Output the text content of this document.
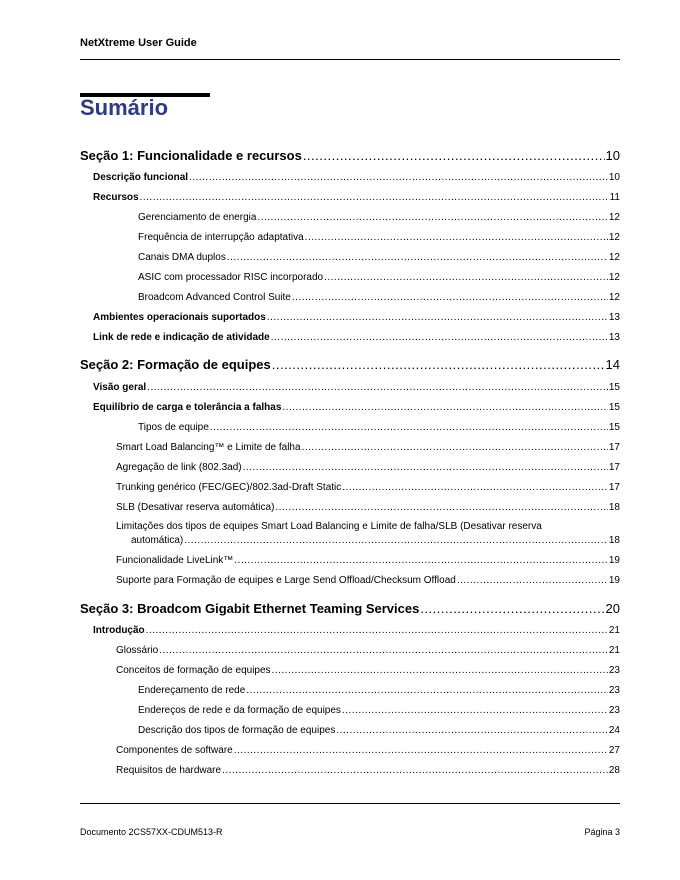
NetXtreme User Guide
Sumário
Seção 1: Funcionalidade e recursos .....	10
Descrição funcional .....	10
Recursos .....	11
Gerenciamento de energia .....	12
Frequência de interrupção adaptativa .....	12
Canais DMA duplos .....	12
ASIC com processador RISC incorporado .....	12
Broadcom Advanced Control Suite .....	12
Ambientes operacionais suportados .....	13
Link de rede e indicação de atividade .....	13
Seção 2: Formação de equipes .....	14
Visão geral .....	15
Equilíbrio de carga e tolerância a falhas .....	15
Tipos de equipe .....	15
Smart Load Balancing™ e Limite de falha .....	17
Agregação de link (802.3ad) .....	17
Trunking genérico (FEC/GEC)/802.3ad-Draft Static .....	17
SLB (Desativar reserva automática) .....	18
Limitações dos tipos de equipes Smart Load Balancing e Limite de falha/SLB (Desativar reserva
automática) .....	18
Funcionalidade LiveLink™ .....	19
Suporte para Formação de equipes e Large Send Offload/Checksum Offload .....	19
Seção 3: Broadcom Gigabit Ethernet Teaming Services .....	20
Introdução .....	21
Glossário .....	21
Conceitos de formação de equipes .....	23
Endereçamento de rede .....	23
Endereços de rede e da formação de equipes .....	23
Descrição dos tipos de formação de equipes .....	24
Componentes de software .....	27
Requisitos de hardware .....	28
Documento 2CS57XX-CDUM513-R	Página 3
